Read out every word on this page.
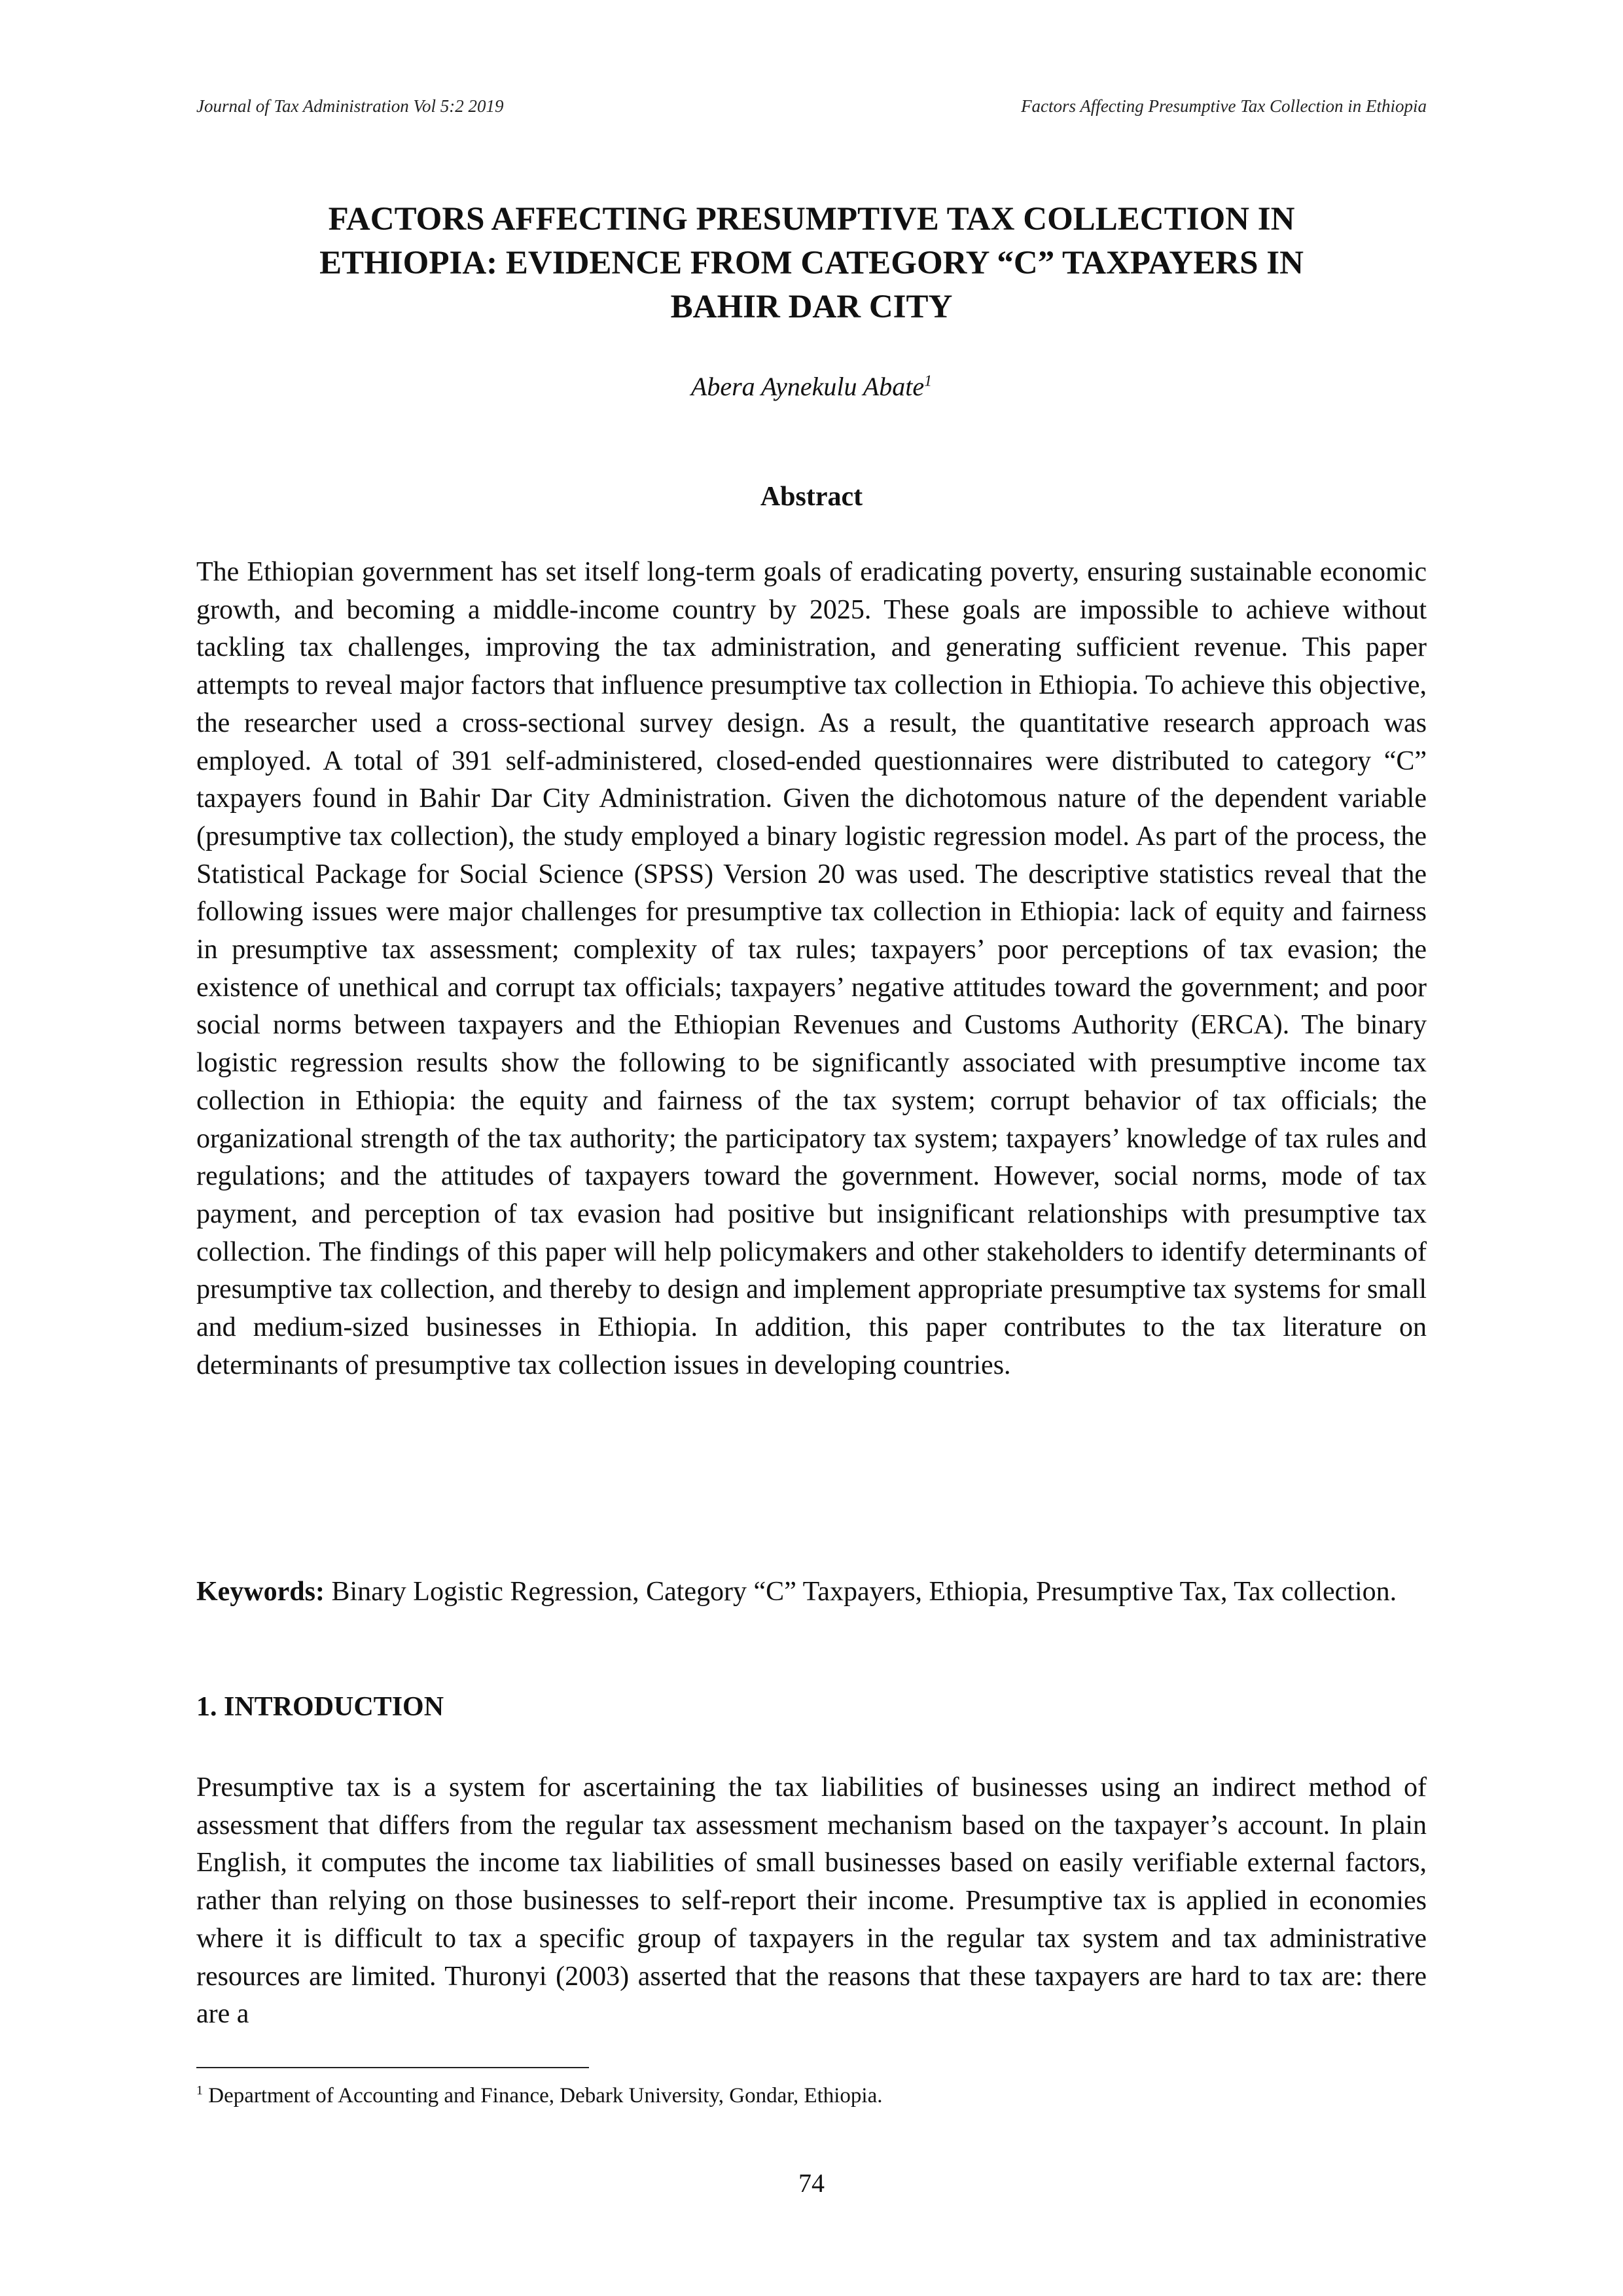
Journal of Tax Administration Vol 5:2 2019	Factors Affecting Presumptive Tax Collection in Ethiopia
FACTORS AFFECTING PRESUMPTIVE TAX COLLECTION IN
ETHIOPIA: EVIDENCE FROM CATEGORY “C” TAXPAYERS IN
BAHIR DAR CITY
Abera Aynekulu Abate$^1$
Abstract

The Ethiopian government has set itself long-term goals of eradicating poverty, ensuring sustainable economic growth, and becoming a middle-income country by 2025. These goals are impossible to achieve without tackling tax challenges, improving the tax administration, and generating sufficient revenue. This paper attempts to reveal major factors that influence presumptive tax collection in Ethiopia. To achieve this objective, the researcher used a cross-sectional survey design. As a result, the quantitative research approach was employed. A total of 391 self-administered, closed-ended questionnaires were distributed to category “C” taxpayers found in Bahir Dar City Administration. Given the dichotomous nature of the dependent variable (presumptive tax collection), the study employed a binary logistic regression model. As part of the process, the Statistical Package for Social Science (SPSS) Version 20 was used. The descriptive statistics reveal that the following issues were major challenges for presumptive tax collection in Ethiopia: lack of equity and fairness in presumptive tax assessment; complexity of tax rules; taxpayers’ poor perceptions of tax evasion; the existence of unethical and corrupt tax officials; taxpayers’ negative attitudes toward the government; and poor social norms between taxpayers and the Ethiopian Revenues and Customs Authority (ERCA). The binary logistic regression results show the following to be significantly associated with presumptive income tax collection in Ethiopia: the equity and fairness of the tax system; corrupt behavior of tax officials; the organizational strength of the tax authority; the participatory tax system; taxpayers’ knowledge of tax rules and regulations; and the attitudes of taxpayers toward the government. However, social norms, mode of tax payment, and perception of tax evasion had positive but insignificant relationships with presumptive tax collection. The findings of this paper will help policymakers and other stakeholders to identify determinants of presumptive tax collection, and thereby to design and implement appropriate presumptive tax systems for small and medium-sized businesses in Ethiopia. In addition, this paper contributes to the tax literature on determinants of presumptive tax collection issues in developing countries.

Keywords: Binary Logistic Regression, Category “C” Taxpayers, Ethiopia, Presumptive Tax, Tax collection.

1. INTRODUCTION

Presumptive tax is a system for ascertaining the tax liabilities of businesses using an indirect method of assessment that differs from the regular tax assessment mechanism based on the taxpayer’s account. In plain English, it computes the income tax liabilities of small businesses based on easily verifiable external factors, rather than relying on those businesses to self-report their income. Presumptive tax is applied in economies where it is difficult to tax a specific group of taxpayers in the regular tax system and tax administrative resources are limited. Thuronyi (2003) asserted that the reasons that these taxpayers are hard to tax are: there are a

$^1$ Department of Accounting and Finance, Debark University, Gondar, Ethiopia.
74
